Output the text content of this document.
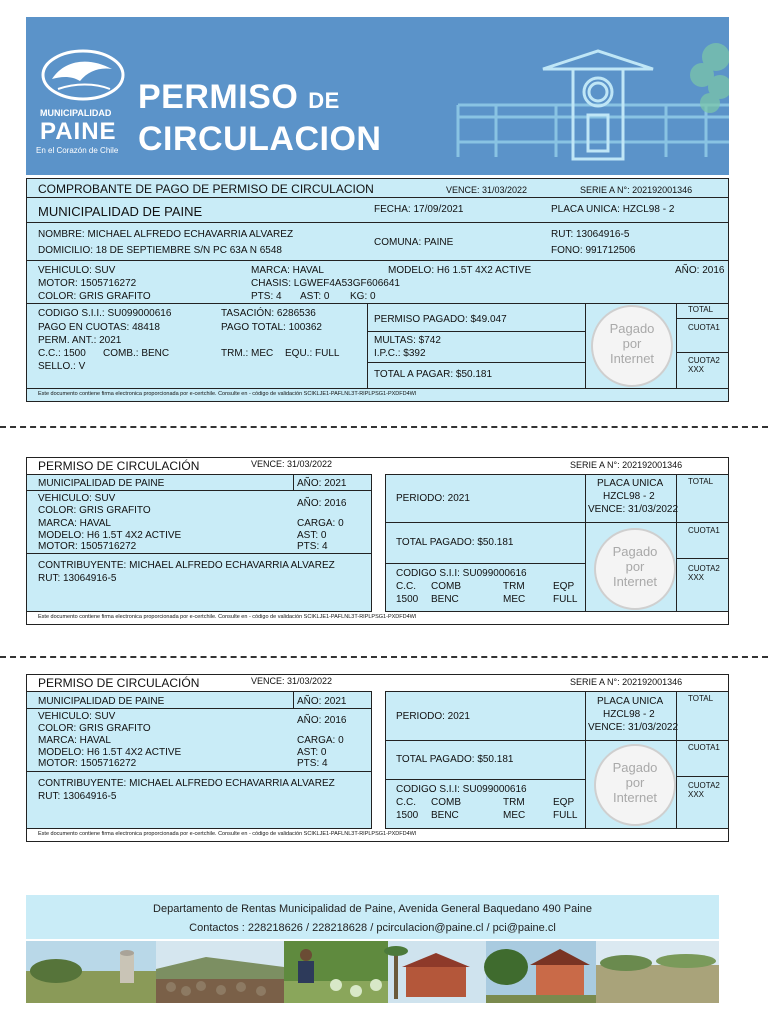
MUNICIPALIDAD
PAINE
En el Corazón de Chile
PERMISO DE
CIRCULACION
COMPROBANTE DE PAGO DE PERMISO DE CIRCULACION	VENCE: 31/03/2022	SERIE A N°: 202192001346
MUNICIPALIDAD DE PAINE	FECHA: 17/09/2021	PLACA UNICA: HZCL98 - 2
NOMBRE: MICHAEL ALFREDO ECHAVARRIA ALVAREZ
DOMICILIO: 18 DE SEPTIEMBRE S/N PC 63A N 6548
COMUNA: PAINE
RUT: 13064916-5
FONO: 991712506
VEHICULO: SUV	MARCA: HAVAL	MODELO: H6 1.5T 4X2 ACTIVE	AÑO: 2016
MOTOR: 1505716272	CHASIS: LGWEF4A53GF606641
COLOR: GRIS GRAFITO	PTS: 4 AST: 0 KG: 0
CODIGO S.I.I.: SU099000616	TASACIÓN: 6286536
PAGO EN CUOTAS: 48418	PAGO TOTAL: 100362
PERM. ANT.: 2021
C.C.: 1500 COMB.: BENC	TRM.: MEC EQU.: FULL
SELLO.: V
PERMISO PAGADO: $49.047
MULTAS: $742
I.P.C.: $392
TOTAL A PAGAR: $50.181
TOTAL
CUOTA1
CUOTA2
XXX
Pagado
por
Internet
Este documento contiene firma electronica proporcionada por e-certchile. Consulte en - código de validación SCIKLJE1-PAFLNL3T-RIPLPSG1-PXDFD4WI
PERMISO DE CIRCULACIÓN	VENCE: 31/03/2022	SERIE A N°: 202192001346
MUNICIPALIDAD DE PAINE	AÑO: 2021
VEHICULO: SUV
COLOR: GRIS GRAFITO
AÑO: 2016
MARCA: HAVAL	CARGA: 0
MODELO: H6 1.5T 4X2 ACTIVE	AST: 0
MOTOR: 1505716272	PTS: 4
CONTRIBUYENTE: MICHAEL ALFREDO ECHAVARRIA ALVAREZ
RUT: 13064916-5
PERIODO: 2021
PLACA UNICA
HZCL98 - 2
VENCE: 31/03/2022
TOTAL PAGADO: $50.181
CODIGO S.I.I: SU099000616
C.C. COMB	TRM	EQP
1500 BENC	MEC	FULL
TOTAL
CUOTA1
CUOTA2
XXX
Pagado
por
Internet
Este documento contiene firma electronica proporcionada por e-certchile. Consulte en - código de validación SCIKLJE1-PAFLNL3T-RIPLPSG1-PXDFD4WI
PERMISO DE CIRCULACIÓN	VENCE: 31/03/2022	SERIE A N°: 202192001346
MUNICIPALIDAD DE PAINE	AÑO: 2021
VEHICULO: SUV
COLOR: GRIS GRAFITO
AÑO: 2016
MARCA: HAVAL	CARGA: 0
MODELO: H6 1.5T 4X2 ACTIVE	AST: 0
MOTOR: 1505716272	PTS: 4
CONTRIBUYENTE: MICHAEL ALFREDO ECHAVARRIA ALVAREZ
RUT: 13064916-5
PERIODO: 2021
PLACA UNICA
HZCL98 - 2
VENCE: 31/03/2022
TOTAL PAGADO: $50.181
CODIGO S.I.I: SU099000616
C.C. COMB	TRM	EQP
1500 BENC	MEC	FULL
TOTAL
CUOTA1
CUOTA2
XXX
Pagado
por
Internet
Este documento contiene firma electronica proporcionada por e-certchile. Consulte en - código de validación SCIKLJE1-PAFLNL3T-RIPLPSG1-PXDFD4WI
Departamento de Rentas Municipalidad de Paine, Avenida General Baquedano 490 Paine
Contactos : 228218626 / 228218628 / pcirculacion@paine.cl / pci@paine.cl
